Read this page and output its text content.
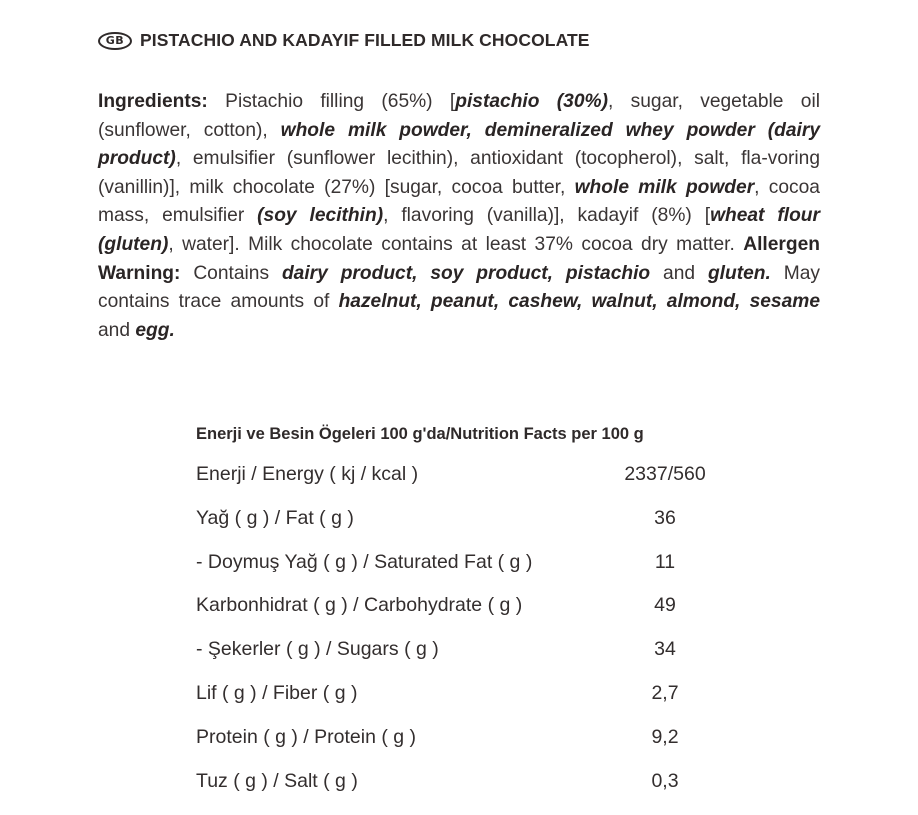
GB PISTACHIO AND KADAYIF FILLED MILK CHOCOLATE
Ingredients: Pistachio filling (65%) [pistachio (30%), sugar, vegetable oil (sunflower, cotton), whole milk powder, demineralized whey powder (dairy product), emulsifier (sunflower lecithin), antioxidant (tocopherol), salt, fla-voring (vanillin)], milk chocolate (27%) [sugar, cocoa butter, whole milk powder, cocoa mass, emulsifier (soy lecithin), flavoring (vanilla)], kadayif (8%) [wheat flour (gluten), water]. Milk chocolate contains at least 37% cocoa dry matter. Allergen Warning: Contains dairy product, soy product, pistachio and gluten. May contains trace amounts of hazelnut, peanut, cashew, walnut, almond, sesame and egg.
Enerji ve Besin Ögeleri 100 g'da/Nutrition Facts per 100 g
Enerji / Energy ( kj / kcal )	2337/560
Yağ ( g ) / Fat ( g )	36
- Doymuş Yağ ( g ) / Saturated Fat ( g )	11
Karbonhidrat ( g ) / Carbohydrate ( g )	49
- Şekerler ( g ) / Sugars ( g )	34
Lif ( g ) / Fiber ( g )	2,7
Protein ( g ) / Protein ( g )	9,2
Tuz ( g ) / Salt ( g )	0,3
